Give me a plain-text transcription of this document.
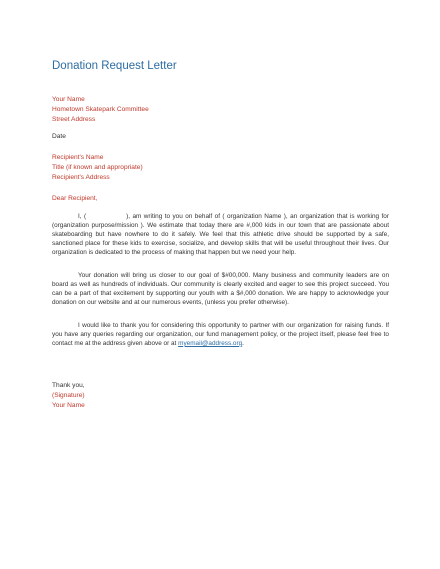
Donation Request Letter
Your Name
Hometown Skatepark Committee
Street Address
Date
Recipient's Name
Title (if known and appropriate)
Recipient's Address
Dear Recipient,

I, (	), am writing to you on behalf of ( organization Name ), an organization that is working for (organization purpose/mission ). We estimate that today there are #,000 kids in our town that are passionate about skateboarding but have nowhere to do it safely. We feel that this athletic drive should be supported by a safe, sanctioned place for these kids to exercise, socialize, and develop skills that will be useful throughout their lives. Our organization is dedicated to the process of making that happen but we need your help.

Your donation will bring us closer to our goal of $#00,000. Many business and community leaders are on board as well as hundreds of individuals. Our community is clearly excited and eager to see this project succeed. You can be a part of that excitement by supporting our youth with a $#,000 donation. We are happy to acknowledge your donation on our website and at our numerous events, (unless you prefer otherwise).

I would like to thank you for considering this opportunity to partner with our organization for raising funds. If you have any queries regarding our organization, our fund management policy, or the project itself, please feel free to contact me at the address given above or at myemail@address.org.

Thank you,
(Signature)
Your Name
